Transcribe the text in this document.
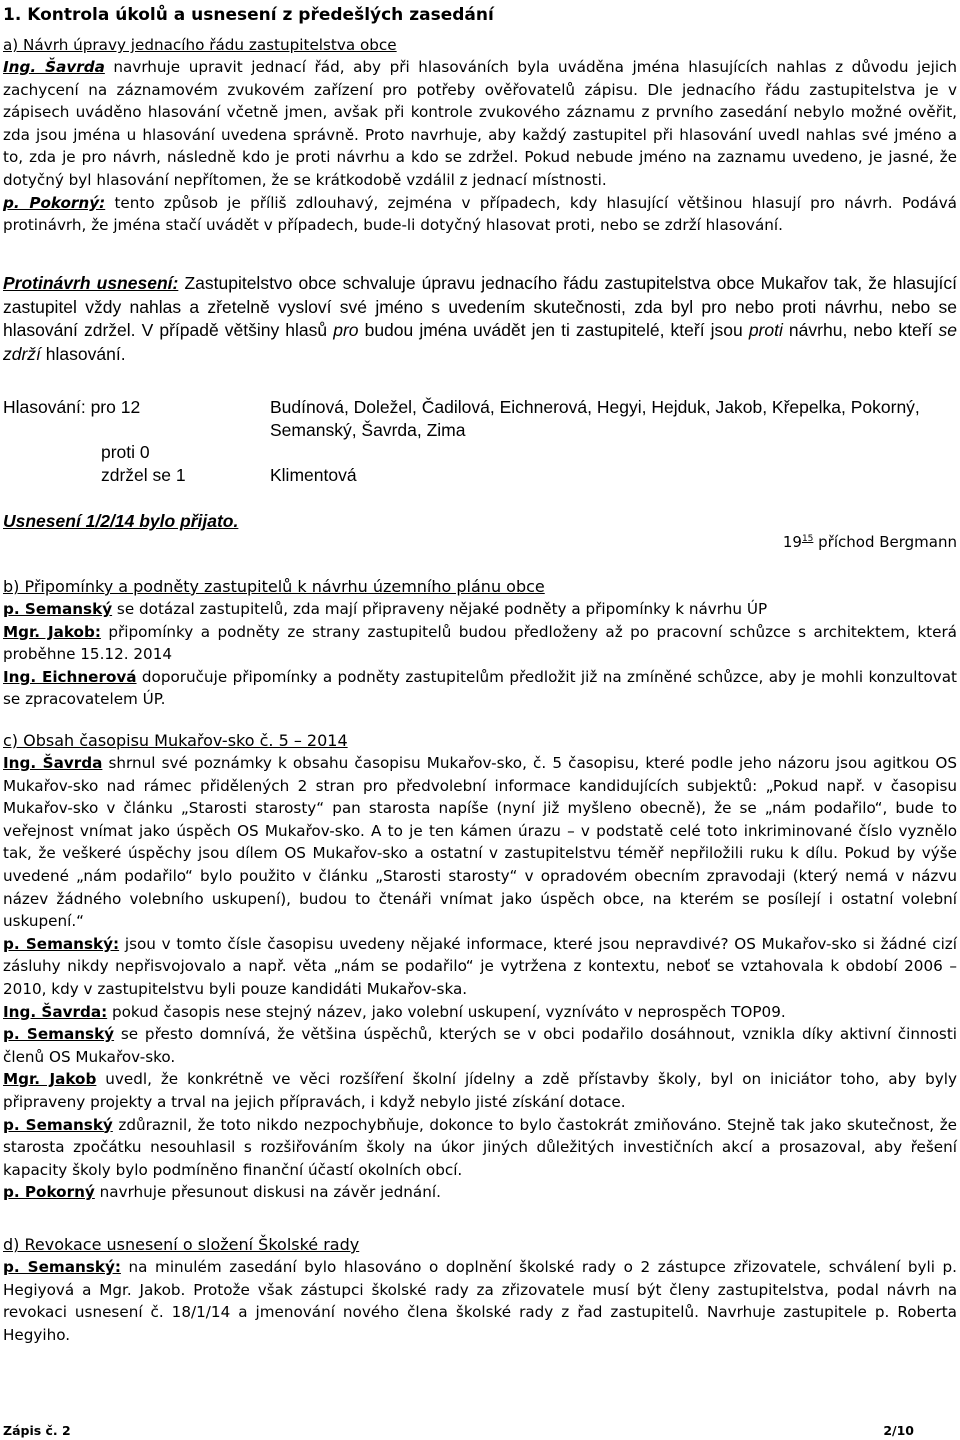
1. Kontrola úkolů a usnesení z předešlých zasedání

a) Návrh úpravy jednacího řádu zastupitelstva obce

Ing. Šavrda navrhuje upravit jednací řád, aby při hlasováních byla uváděna jména hlasujících nahlas z důvodu jejich zachycení na záznamovém zvukovém zařízení pro potřeby ověřovatelů zápisu. Dle jednacího řádu zastupitelstva je v zápisech uváděno hlasování včetně jmen, avšak při kontrole zvukového záznamu z prvního zasedání nebylo možné ověřit, zda jsou jména u hlasování uvedena správně. Proto navrhuje, aby každý zastupitel při hlasování uvedl nahlas své jméno a to, zda je pro návrh, následně kdo je proti návrhu a kdo se zdržel. Pokud nebude jméno na zaznamu uvedeno, je jasné, že dotyčný byl hlasování nepřítomen, že se krátkodobě vzdálil z jednací místnosti.

p. Pokorný: tento způsob je příliš zdlouhavý, zejména v případech, kdy hlasující většinou hlasují pro návrh. Podává protinávrh, že jména stačí uvádět v případech, bude-li dotyčný hlasovat proti, nebo se zdrží hlasování.

Protinávrh usnesení: Zastupitelstvo obce schvaluje úpravu jednacího řádu zastupitelstva obce Mukařov tak, že hlasující zastupitel vždy nahlas a zřetelně vysloví své jméno s uvedením skutečnosti, zda byl pro nebo proti návrhu, nebo se hlasování zdržel. V případě většiny hlasů pro budou jména uvádět jen ti zastupitelé, kteří jsou proti návrhu, nebo kteří se zdrží hlasování.

Hlasování: pro 12	Budínová, Doležel, Čadilová, Eichnerová, Hegyi, Hejduk, Jakob, Křepelka, Pokorný, Semanský, Šavrda, Zima
proti 0
zdržel se 1	Klimentová
Usnesení 1/2/14 bylo přijato.
$19^{15}$ příchod Bergmann

b) Připomínky a podněty zastupitelů k návrhu územního plánu obce

p. Semanský se dotázal zastupitelů, zda mají připraveny nějaké podněty a připomínky k návrhu ÚP

Mgr. Jakob: připomínky a podněty ze strany zastupitelů budou předloženy až po pracovní schůzce s architektem, která proběhne 15.12. 2014

Ing. Eichnerová doporučuje připomínky a podněty zastupitelům předložit již na zmíněné schůzce, aby je mohli konzultovat se zpracovatelem ÚP.

c) Obsah časopisu Mukařov-sko č. 5 – 2014

Ing. Šavrda shrnul své poznámky k obsahu časopisu Mukařov-sko, č. 5 časopisu, které podle jeho názoru jsou agitkou OS Mukařov-sko nad rámec přidělených 2 stran pro předvolební informace kandidujících subjektů: „Pokud např. v časopisu Mukařov-sko v článku „Starosti starosty“ pan starosta napíše (nyní již myšleno obecně), že se „nám podařilo“, bude to veřejnost vnímat jako úspěch OS Mukařov-sko. A to je ten kámen úrazu – v podstatě celé toto inkriminované číslo vyznělo tak, že veškeré úspěchy jsou dílem OS Mukařov-sko a ostatní v zastupitelstvu téměř nepřiložili ruku k dílu. Pokud by výše uvedené „nám podařilo“ bylo použito v článku „Starosti starosty“ v opradovém obecním zpravodaji (který nemá v názvu název žádného volebního uskupení), budou to čtenáři vnímat jako úspěch obce, na kterém se posílejí i ostatní volební uskupení.“

p. Semanský: jsou v tomto čísle časopisu uvedeny nějaké informace, které jsou nepravdivé? OS Mukařov-sko si žádné cizí zásluhy nikdy nepřisvojovalo a např. věta „nám se podařilo“ je vytržena z kontextu, neboť se vztahovala k období 2006 – 2010, kdy v zastupitelstvu byli pouze kandidáti Mukařov-ska.

Ing. Šavrda: pokud časopis nese stejný název, jako volební uskupení, vyzníváto v neprospěch TOP09.

p. Semanský se přesto domnívá, že většina úspěchů, kterých se v obci podařilo dosáhnout, vznikla díky aktivní činnosti členů OS Mukařov-sko.

Mgr. Jakob uvedl, že konkrétně ve věci rozšíření školní jídelny a zdě přístavby školy, byl on iniciátor toho, aby byly připraveny projekty a trval na jejich přípravách, i když nebylo jisté získání dotace.

p. Semanský zdůraznil, že toto nikdo nezpochybňuje, dokonce to bylo častokrát zmiňováno. Stejně tak jako skutečnost, že starosta zpočátku nesouhlasil s rozšiřováním školy na úkor jiných důležitých investičních akcí a prosazoval, aby řešení kapacity školy bylo podmíněno finanční účastí okolních obcí.

p. Pokorný navrhuje přesunout diskusi na závěr jednání.

d) Revokace usnesení o složení Školské rady

p. Semanský: na minulém zasedání bylo hlasováno o doplnění školské rady o 2 zástupce zřizovatele, schválení byli p. Hegiyová a Mgr. Jakob. Protože však zástupci školské rady za zřizovatele musí být členy zastupitelstva, podal návrh na revokaci usnesení č. 18/1/14 a jmenování nového člena školské rady z řad zastupitelů. Navrhuje zastupitele p. Roberta Hegyiho.

Zápis č. 2	2/10
